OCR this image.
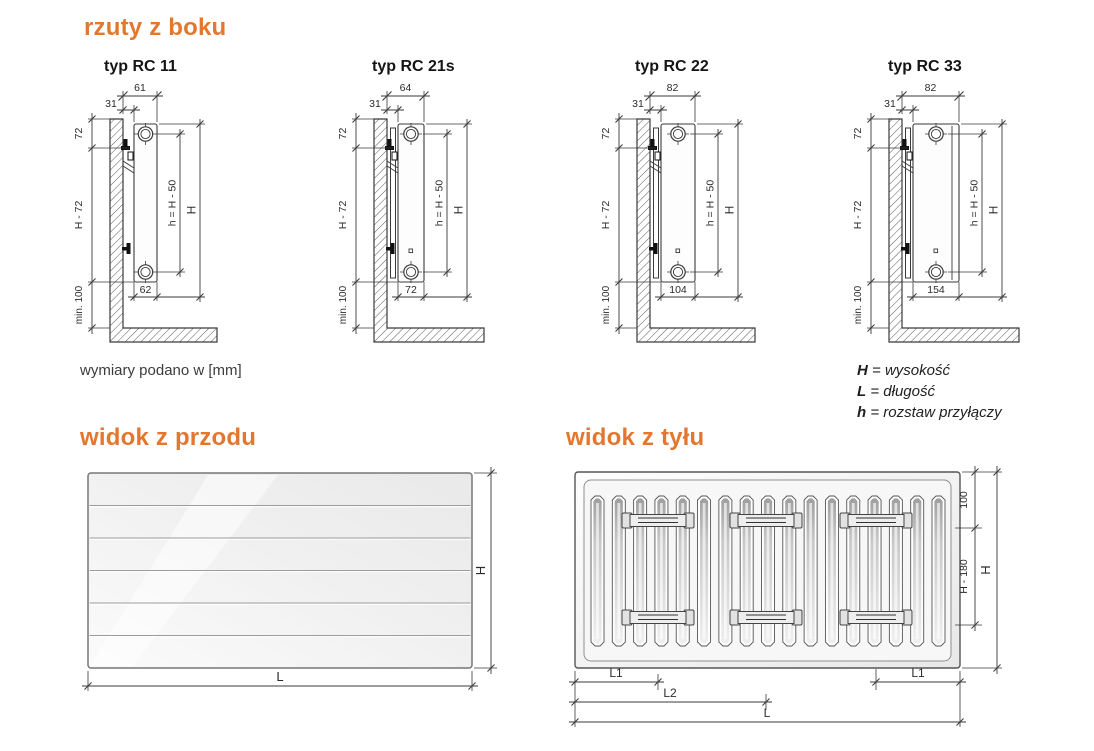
rzuty z boku
typ RC 11	typ RC 21s	typ RC 22	typ RC 33
wymiary podano w [mm]	H = wysokość
L = długość
h = rozstaw przyłączy
widok z przodu	widok z tyłu
61
31
72
H - 72
min. 100	62
h = H - 50 H
64
31
72
H - 72
min. 100	72
h = H - 50 H
82
31
72
H - 72
min. 100	104
h = H - 50 H
82
31
72
H - 72
min. 100	154
h = H - 50 H
H
L
100
H - 180 H
L1	L1
L2
L
